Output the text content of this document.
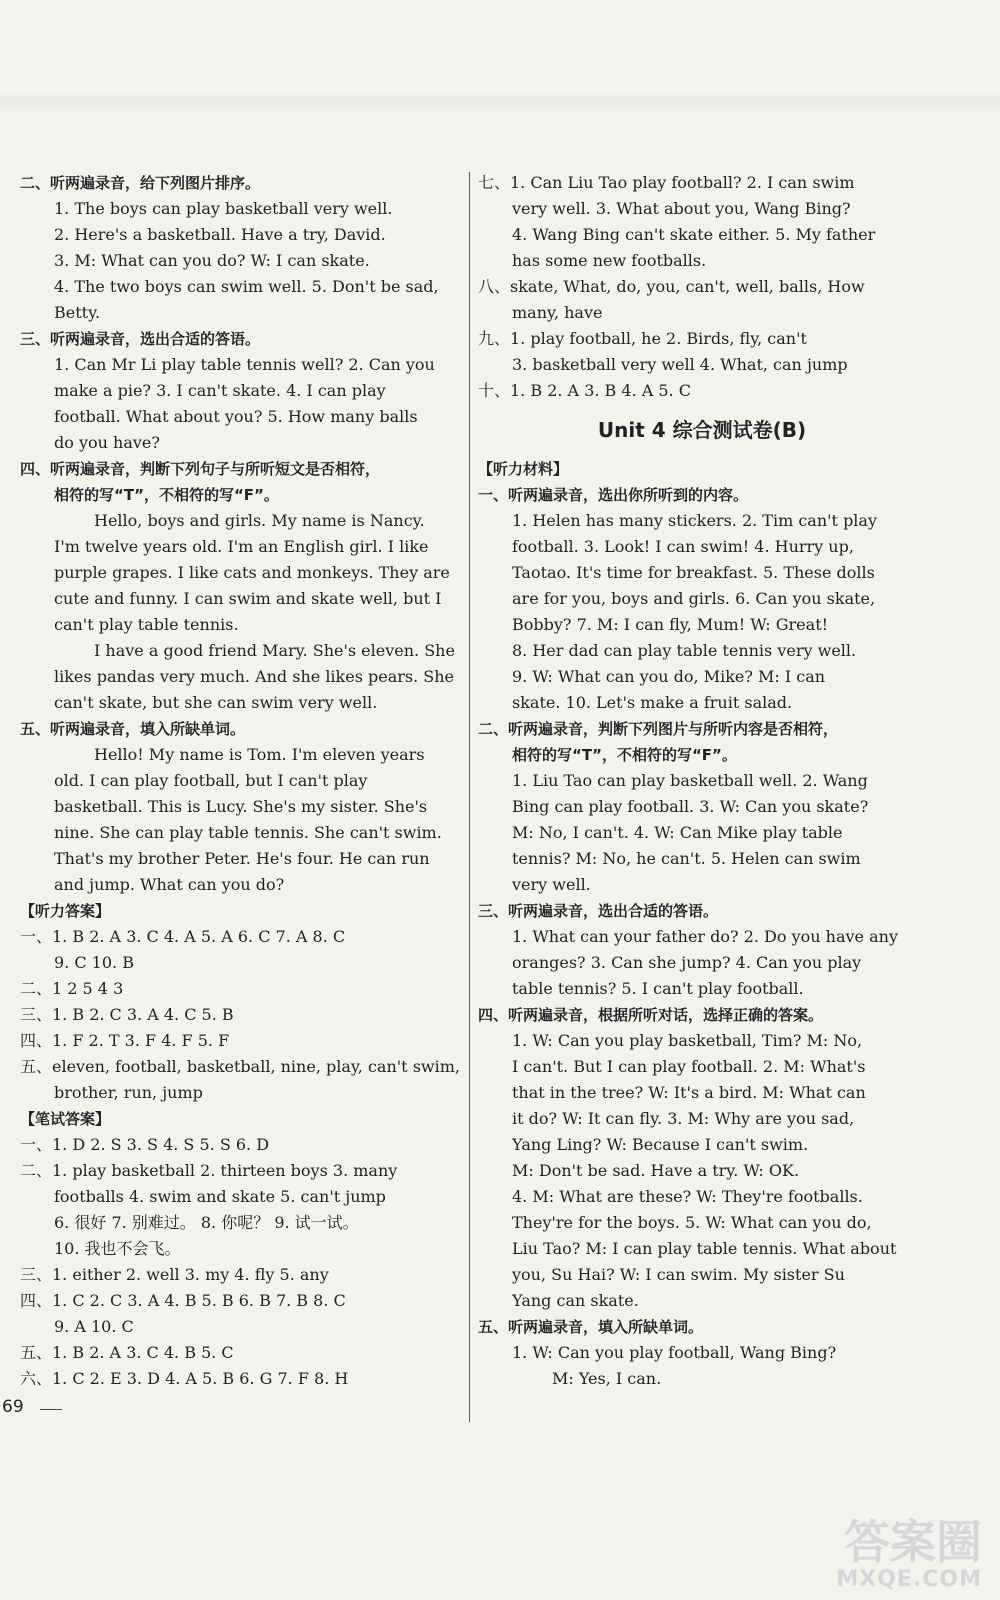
二、听两遍录音，给下列图片排序。
1. The boys can play basketball very well.
2. Here's a basketball. Have a try, David.
3. M: What can you do? W: I can skate.
4. The two boys can swim well. 5. Don't be sad,
Betty.
三、听两遍录音，选出合适的答语。
1. Can Mr Li play table tennis well? 2. Can you
make a pie? 3. I can't skate. 4. I can play
football. What about you? 5. How many balls
do you have?
四、听两遍录音，判断下列句子与所听短文是否相符，
相符的写“T”，不相符的写“F”。
Hello, boys and girls. My name is Nancy.
I'm twelve years old. I'm an English girl. I like
purple grapes. I like cats and monkeys. They are
cute and funny. I can swim and skate well, but I
can't play table tennis.
I have a good friend Mary. She's eleven. She
likes pandas very much. And she likes pears. She
can't skate, but she can swim very well.
五、听两遍录音，填入所缺单词。
Hello! My name is Tom. I'm eleven years
old. I can play football, but I can't play
basketball. This is Lucy. She's my sister. She's
nine. She can play table tennis. She can't swim.
That's my brother Peter. He's four. He can run
and jump. What can you do?
【听力答案】
一、1. B 2. A 3. C 4. A 5. A 6. C 7. A 8. C
9. C 10. B
二、1 2 5 4 3
三、1. B 2. C 3. A 4. C 5. B
四、1. F 2. T 3. F 4. F 5. F
五、eleven, football, basketball, nine, play, can't swim,
brother, run, jump
【笔试答案】
一、1. D 2. S 3. S 4. S 5. S 6. D
二、1. play basketball 2. thirteen boys 3. many
footballs 4. swim and skate 5. can't jump
6. 很好 7. 别难过。 8. 你呢？ 9. 试一试。
10. 我也不会飞。
三、1. either 2. well 3. my 4. fly 5. any
四、1. C 2. C 3. A 4. B 5. B 6. B 7. B 8. C
9. A 10. C
五、1. B 2. A 3. C 4. B 5. C
六、1. C 2. E 3. D 4. A 5. B 6. G 7. F 8. H
七、1. Can Liu Tao play football? 2. I can swim
very well. 3. What about you, Wang Bing?
4. Wang Bing can't skate either. 5. My father
has some new footballs.
八、skate, What, do, you, can't, well, balls, How
many, have
九、1. play football, he 2. Birds, fly, can't
3. basketball very well 4. What, can jump
十、1. B 2. A 3. B 4. A 5. C
Unit 4 综合测试卷(B)
【听力材料】
一、听两遍录音，选出你所听到的内容。
1. Helen has many stickers. 2. Tim can't play
football. 3. Look! I can swim! 4. Hurry up,
Taotao. It's time for breakfast. 5. These dolls
are for you, boys and girls. 6. Can you skate,
Bobby? 7. M: I can fly, Mum! W: Great!
8. Her dad can play table tennis very well.
9. W: What can you do, Mike? M: I can
skate. 10. Let's make a fruit salad.
二、听两遍录音，判断下列图片与所听内容是否相符，
相符的写“T”，不相符的写“F”。
1. Liu Tao can play basketball well. 2. Wang
Bing can play football. 3. W: Can you skate?
M: No, I can't. 4. W: Can Mike play table
tennis? M: No, he can't. 5. Helen can swim
very well.
三、听两遍录音，选出合适的答语。
1. What can your father do? 2. Do you have any
oranges? 3. Can she jump? 4. Can you play
table tennis? 5. I can't play football.
四、听两遍录音，根据所听对话，选择正确的答案。
1. W: Can you play basketball, Tim? M: No,
I can't. But I can play football. 2. M: What's
that in the tree? W: It's a bird. M: What can
it do? W: It can fly. 3. M: Why are you sad,
Yang Ling? W: Because I can't swim.
M: Don't be sad. Have a try. W: OK.
4. M: What are these? W: They're footballs.
They're for the boys. 5. W: What can you do,
Liu Tao? M: I can play table tennis. What about
you, Su Hai? W: I can swim. My sister Su
Yang can skate.
五、听两遍录音，填入所缺单词。
1. W: Can you play football, Wang Bing?
M: Yes, I can.
69
答案圈
MXQE.COM
